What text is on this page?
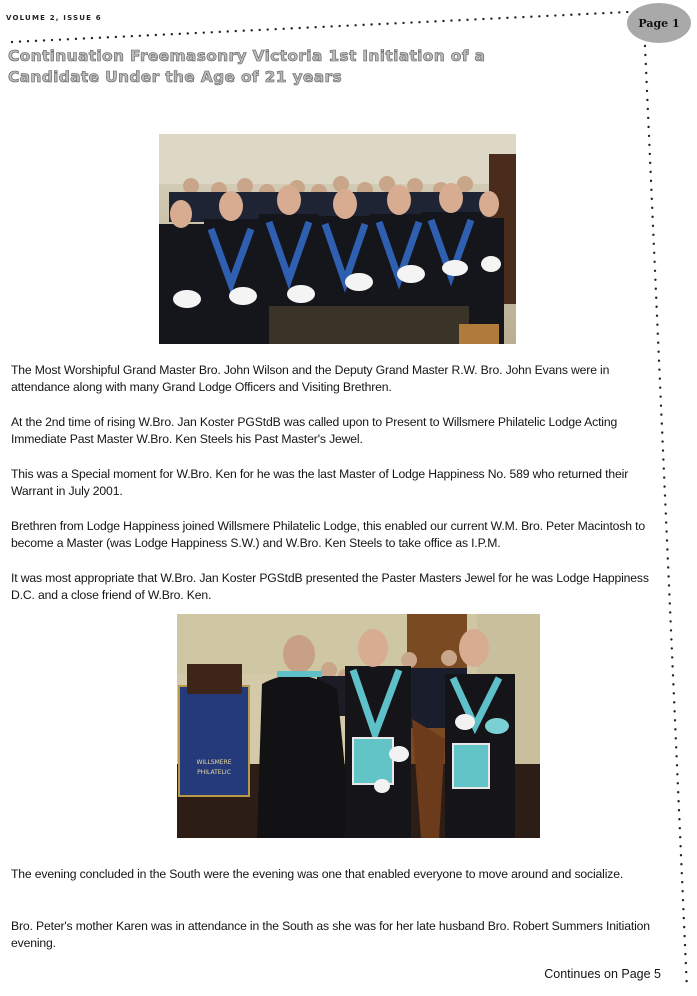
VOLUME 2, ISSUE 6	Page 1
Continuation Freemasonry Victoria 1st Initiation of a
Candidate Under the Age of 21 years

The Most Worshipful Grand Master Bro. John Wilson and the Deputy Grand Master R.W. Bro. John Evans were in attendance along with many Grand Lodge Officers and Visiting Brethren.

At the 2nd time of rising W.Bro. Jan Koster PGStdB was called upon to Present to Willsmere Philatelic Lodge Acting Immediate Past Master W.Bro. Ken Steels his Past Master's Jewel.

This was a Special moment for W.Bro. Ken for he was the last Master of Lodge Happiness No. 589 who returned their Warrant in July 2001.

Brethren from Lodge Happiness joined Willsmere Philatelic Lodge, this enabled our current W.M. Bro. Peter Macintosh to become a Master (was Lodge Happiness S.W.) and W.Bro. Ken Steels to take office as I.P.M.

It was most appropriate that W.Bro. Jan Koster PGStdB presented the Paster Masters Jewel for he was Lodge Happiness D.C. and a close friend of W.Bro. Ken.

WILLSMERE
PHILATELIC

The evening concluded in the South were the evening was one that enabled everyone to move around and socialize.

Bro. Peter's mother Karen was in attendance in the South as she was for her late husband Bro. Robert Summers Initiation evening.

Continues on Page 5
